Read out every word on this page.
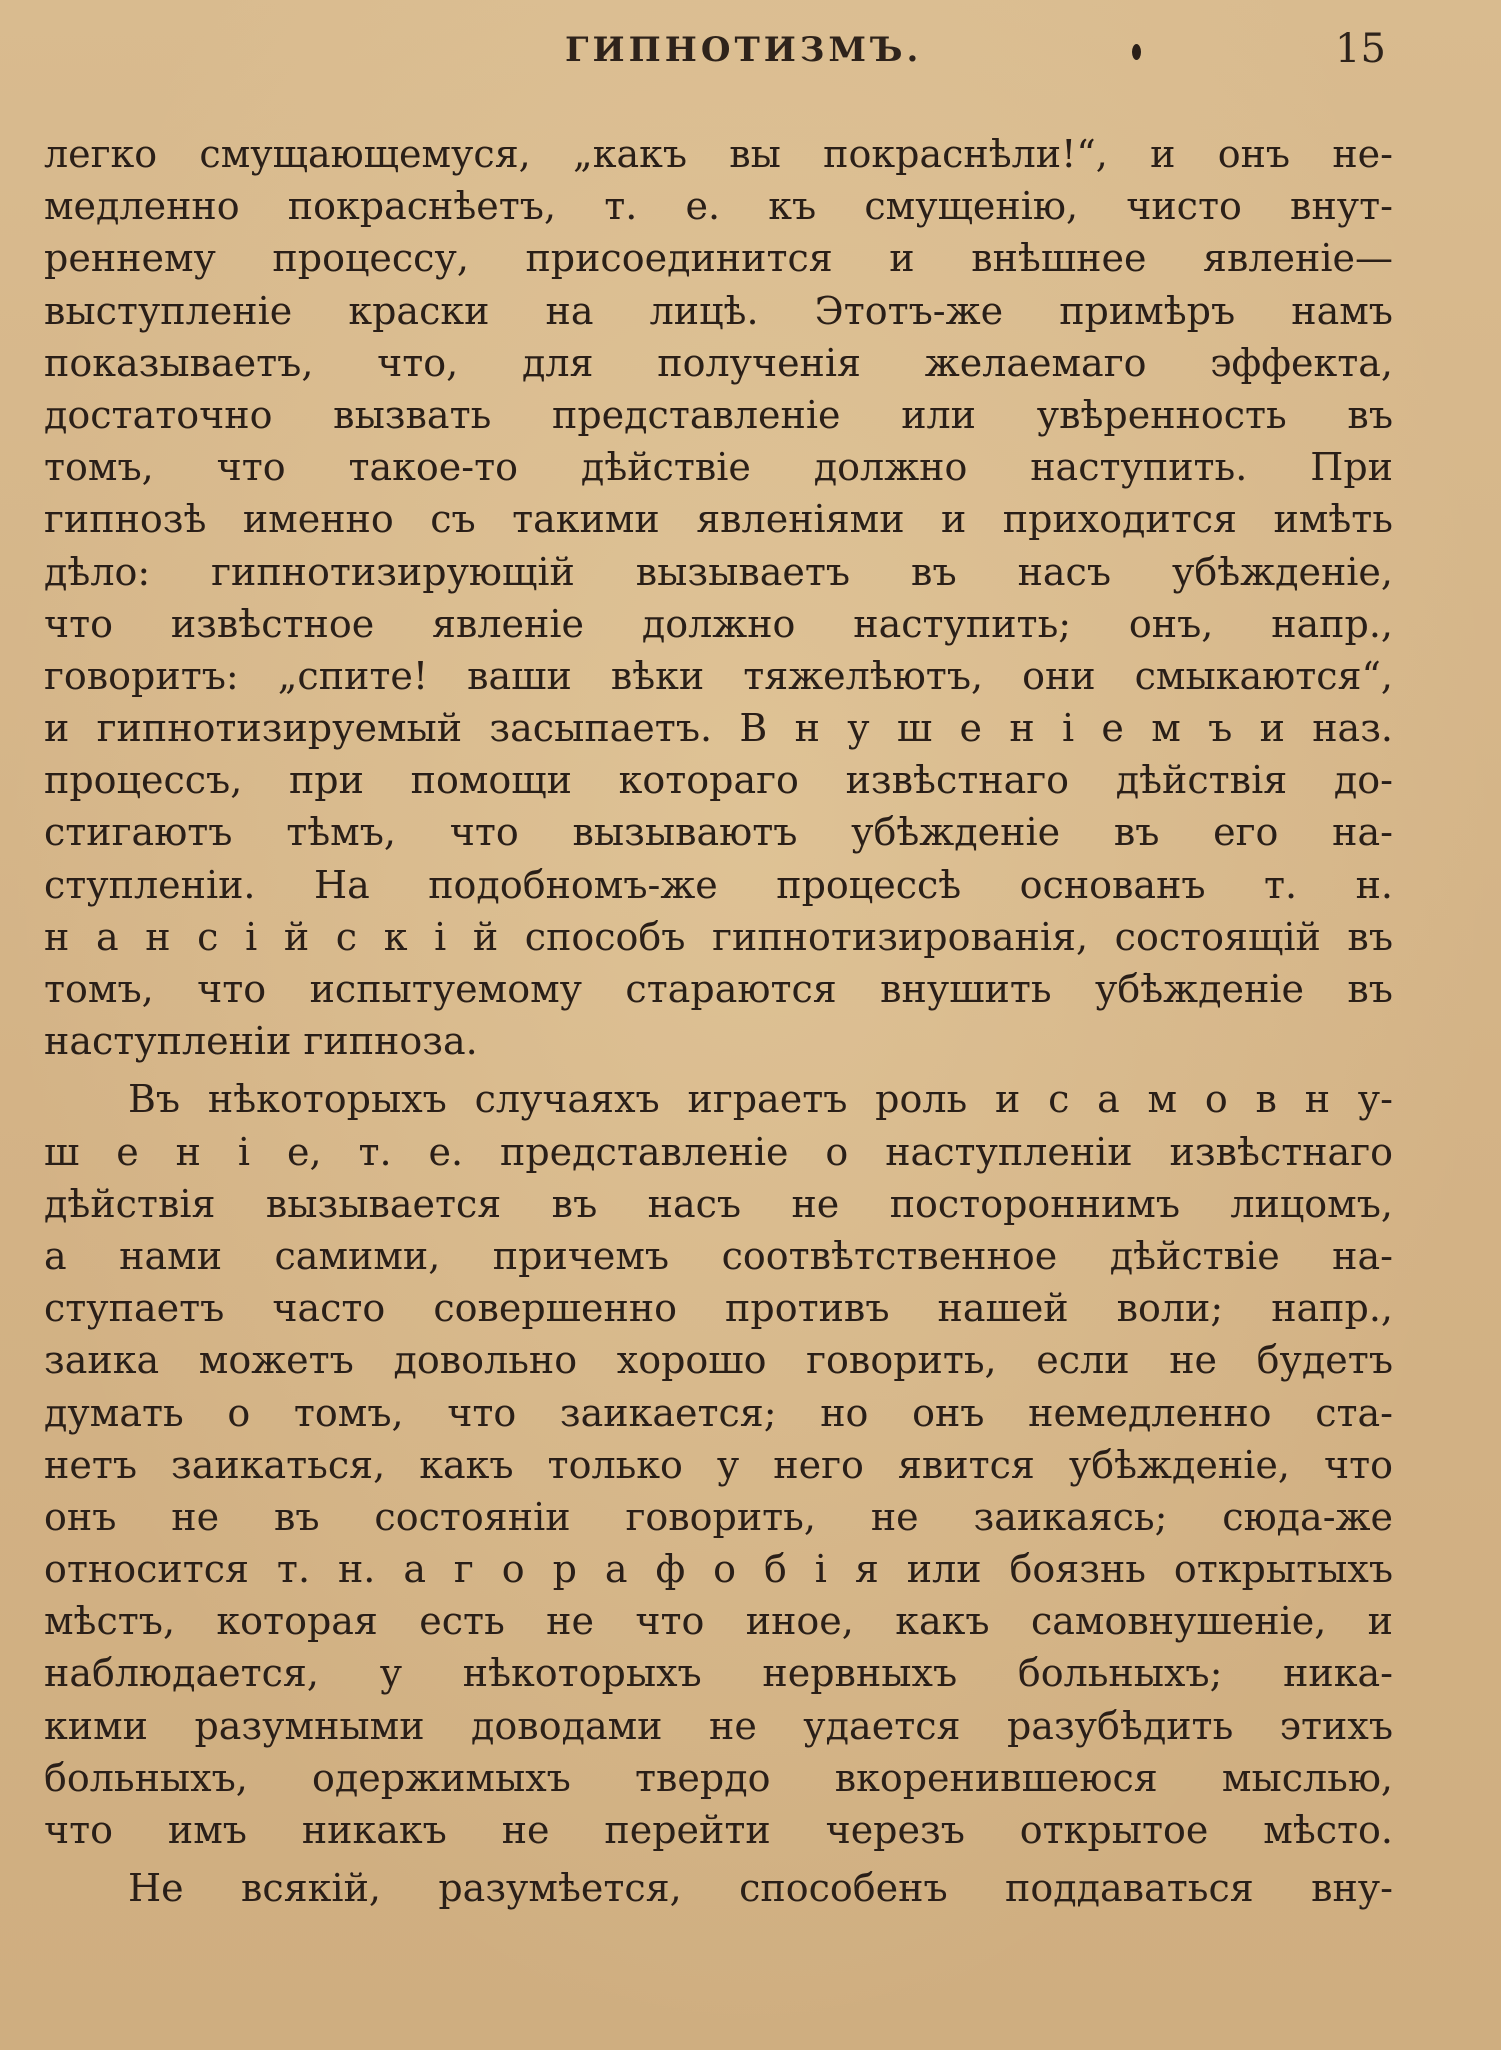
ГИПНОТИЗМЪ.	15
легко смущающемуся, „какъ вы покраснѣли!“, и онъ не-
медленно покраснѣетъ, т. е. къ смущенію, чисто внут-
реннему процессу, присоединится и внѣшнее явленіе—
выступленіе краски на лицѣ. Этотъ-же примѣръ намъ
показываетъ, что, для полученія желаемаго эффекта,
достаточно вызвать представленіе или увѣренность въ
томъ, что такое-то дѣйствіе должно наступить. При
гипнозѣ именно съ такими явленіями и приходится имѣть
дѣло: гипнотизирующій вызываетъ въ насъ убѣжденіе,
что извѣстное явленіе должно наступить; онъ, напр.,
говоритъ: „спите! ваши вѣки тяжелѣютъ, они смыкаются“,
и гипнотизируемый засыпаетъ. В н у ш е н і е м ъ и наз.
процессъ, при помощи котораго извѣстнаго дѣйствія до-
стигаютъ тѣмъ, что вызываютъ убѣжденіе въ его на-
ступленіи. На подобномъ-же процессѣ основанъ т. н.
н а н с і й с к і й способъ гипнотизированія, состоящій въ
томъ, что испытуемому стараются внушить убѣжденіе въ
наступленіи гипноза.
Въ нѣкоторыхъ случаяхъ играетъ роль и с а м о в н у-
ш е н і е, т. е. представленіе о наступленіи извѣстнаго
дѣйствія вызывается въ насъ не постороннимъ лицомъ,
а нами самими, причемъ соотвѣтственное дѣйствіе на-
ступаетъ часто совершенно противъ нашей воли; напр.,
заика можетъ довольно хорошо говорить, если не будетъ
думать о томъ, что заикается; но онъ немедленно ста-
нетъ заикаться, какъ только у него явится убѣжденіе, что
онъ не въ состояніи говорить, не заикаясь; сюда-же
относится т. н. а г о р а ф о б і я или боязнь открытыхъ
мѣстъ, которая есть не что иное, какъ самовнушеніе, и
наблюдается, у нѣкоторыхъ нервныхъ больныхъ; ника-
кими разумными доводами не удается разубѣдить этихъ
больныхъ, одержимыхъ твердо вкоренившеюся мыслью,
что имъ никакъ не перейти черезъ открытое мѣсто.
Не всякій, разумѣется, способенъ поддаваться вну-
